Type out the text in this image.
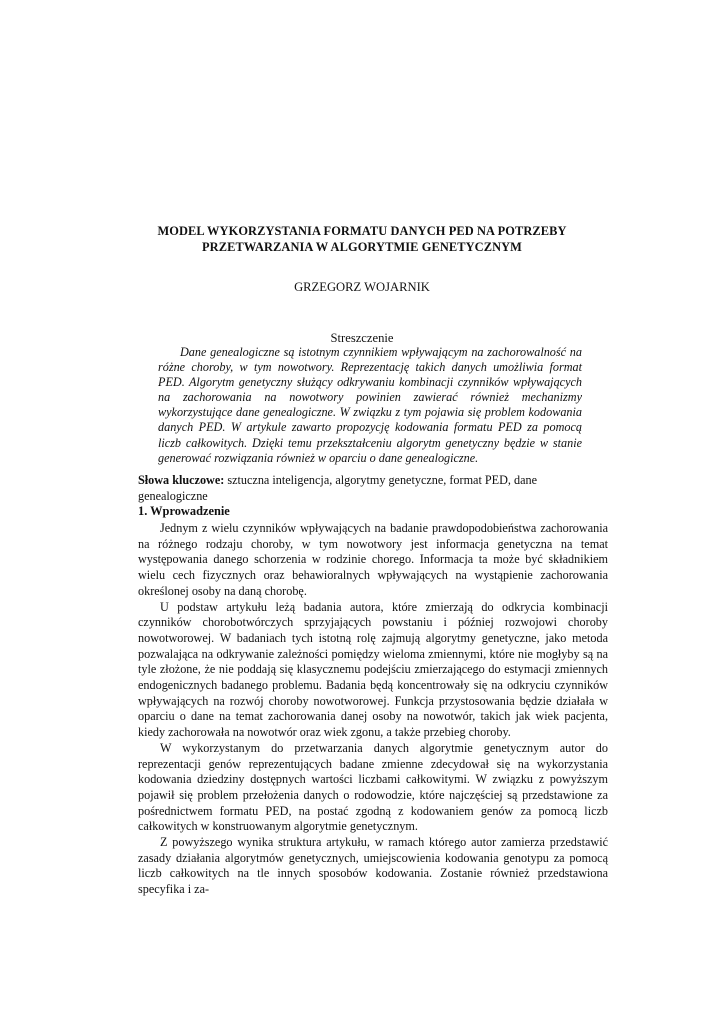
MODEL WYKORZYSTANIA FORMATU DANYCH PED NA POTRZEBY
PRZETWARZANIA W ALGORYTMIE GENETYCZNYM
GRZEGORZ WOJARNIK
Streszczenie

Dane genealogiczne są istotnym czynnikiem wpływającym na zachorowalność na różne choroby, w tym nowotwory. Reprezentację takich danych umożliwia format PED. Algorytm genetyczny służący odkrywaniu kombinacji czynników wpływających na zachorowania na nowotwory powinien zawierać również mechanizmy wykorzystujące dane genealogiczne. W związku z tym pojawia się problem kodowania danych PED. W artykule zawarto propozycję kodowania formatu PED za pomocą liczb całkowitych. Dzięki temu przekształceniu algorytm genetyczny będzie w stanie generować rozwiązania również w oparciu o dane genealogiczne.

Słowa kluczowe: sztuczna inteligencja, algorytmy genetyczne, format PED, dane genealogiczne

1. Wprowadzenie

Jednym z wielu czynników wpływających na badanie prawdopodobieństwa zachorowania na różnego rodzaju choroby, w tym nowotwory jest informacja genetyczna na temat występowania danego schorzenia w rodzinie chorego. Informacja ta może być składnikiem wielu cech fizycznych oraz behawioralnych wpływających na wystąpienie zachorowania określonej osoby na daną chorobę.

U podstaw artykułu leżą badania autora, które zmierzają do odkrycia kombinacji czynników chorobotwórczych sprzyjających powstaniu i później rozwojowi choroby nowotworowej. W badaniach tych istotną rolę zajmują algorytmy genetyczne, jako metoda pozwalająca na odkrywanie zależności pomiędzy wieloma zmiennymi, które nie mogłyby są na tyle złożone, że nie poddają się klasycznemu podejściu zmierzającego do estymacji zmiennych endogenicznych badanego problemu. Badania będą koncentrowały się na odkryciu czynników wpływających na rozwój choroby nowotworowej. Funkcja przystosowania będzie działała w oparciu o dane na temat zachorowania danej osoby na nowotwór, takich jak wiek pacjenta, kiedy zachorowała na nowotwór oraz wiek zgonu, a także przebieg choroby.

W wykorzystanym do przetwarzania danych algorytmie genetycznym autor do reprezentacji genów reprezentujących badane zmienne zdecydował się na wykorzystania kodowania dziedziny dostępnych wartości liczbami całkowitymi. W związku z powyższym pojawił się problem przełożenia danych o rodowodzie, które najczęściej są przedstawione za pośrednictwem formatu PED, na postać zgodną z kodowaniem genów za pomocą liczb całkowitych w konstruowanym algorytmie genetycznym.

Z powyższego wynika struktura artykułu, w ramach którego autor zamierza przedstawić zasady działania algorytmów genetycznych, umiejscowienia kodowania genotypu za pomocą liczb całkowitych na tle innych sposobów kodowania. Zostanie również przedstawiona specyfika i za-
